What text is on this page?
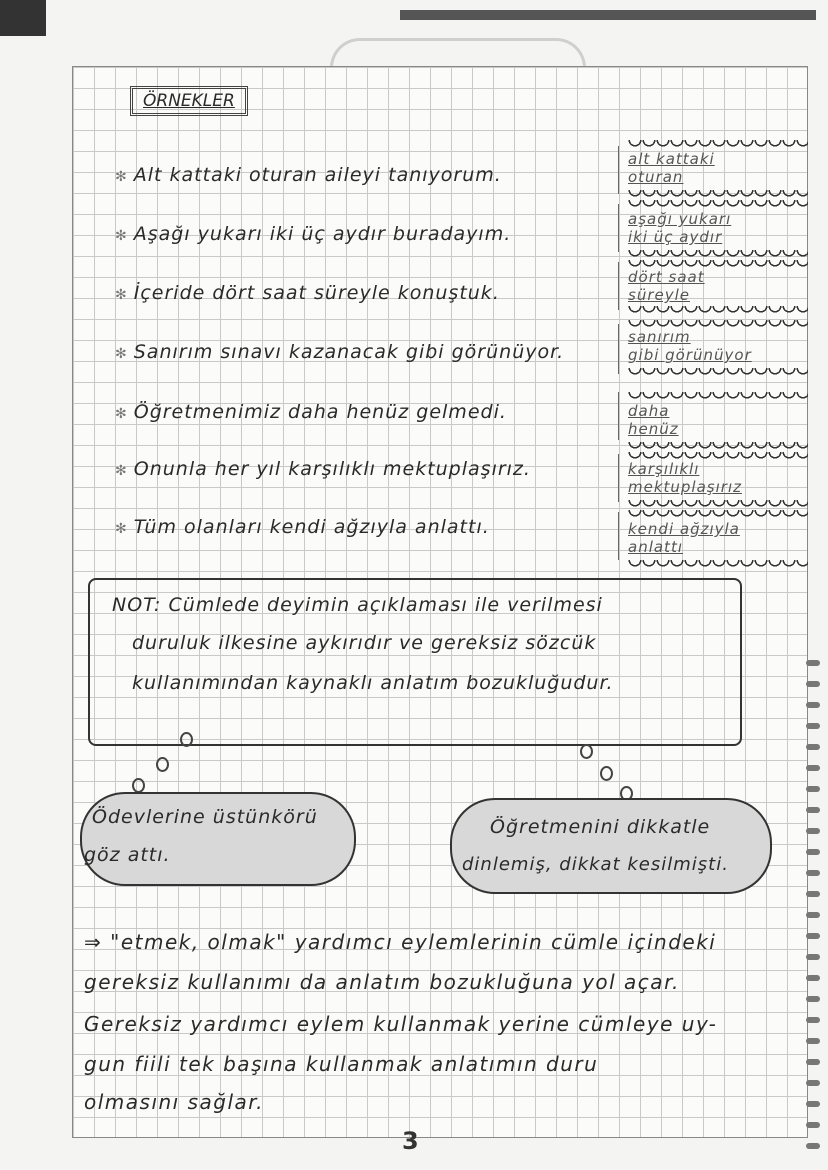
ÖRNEKLER
✻ Alt kattaki oturan aileyi tanıyorum.
✻ Aşağı yukarı iki üç aydır buradayım.
✻ İçeride dört saat süreyle konuştuk.
✻ Sanırım sınavı kazanacak gibi görünüyor.
✻ Öğretmenimiz daha henüz gelmedi.
✻ Onunla her yıl karşılıklı mektuplaşırız.
✻ Tüm olanları kendi ağzıyla anlattı.
alt kattaki
oturan
aşağı yukarı
iki üç aydır
dört saat
süreyle
sanırım
gibi görünüyor
daha
henüz
karşılıklı
mektuplaşırız
kendi ağzıyla
anlattı
NOT: Cümlede deyimin açıklaması ile verilmesi
duruluk ilkesine aykırıdır ve gereksiz sözcük
kullanımından kaynaklı anlatım bozukluğudur.
Ödevlerine üstünkörü
göz attı.
Öğretmenini dikkatle
dinlemiş, dikkat kesilmişti.
⇒ "etmek, olmak" yardımcı eylemlerinin cümle içindeki
gereksiz kullanımı da anlatım bozukluğuna yol açar.
Gereksiz yardımcı eylem kullanmak yerine cümleye uy-
gun fiili tek başına kullanmak anlatımın duru
olmasını sağlar.
3
